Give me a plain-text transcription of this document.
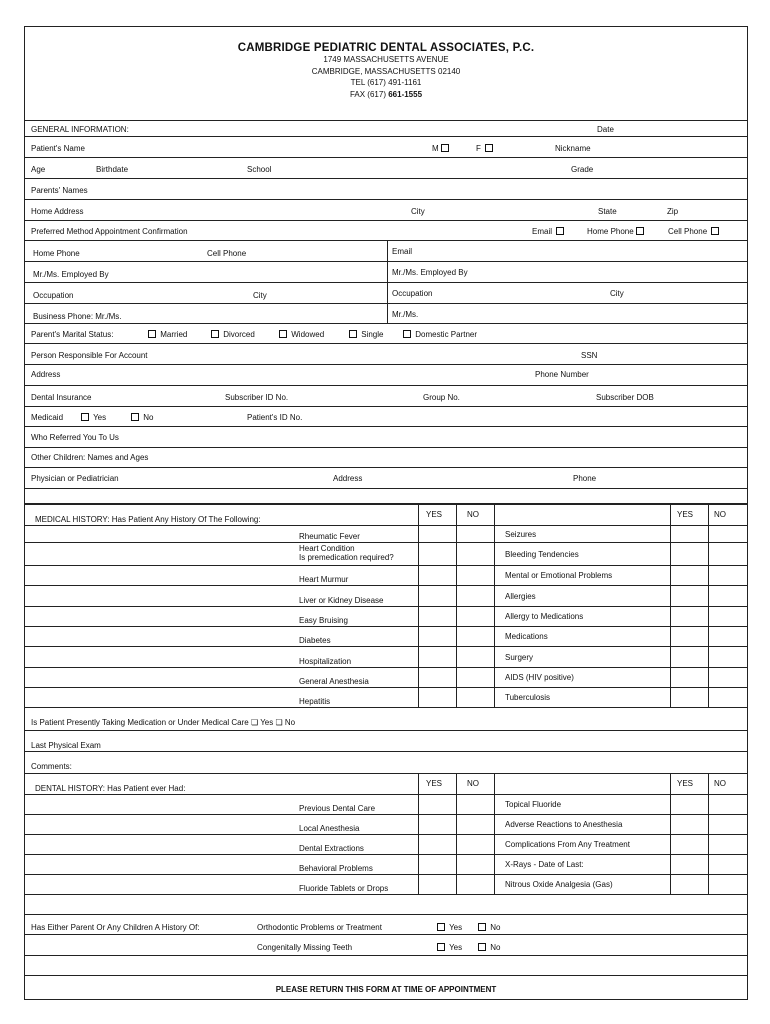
CAMBRIDGE PEDIATRIC DENTAL ASSOCIATES, P.C.
1749 MASSACHUSETTS AVENUE
CAMBRIDGE, MASSACHUSETTS 02140
TEL (617) 491-1161
FAX (617) 661-1555
GENERAL INFORMATION:	Date
Patient's Name	M	F	Nickname
Age	Birthdate	School	Grade
Parents' Names
Home Address	City	State	Zip
Preferred Method Appointment Confirmation	Email	Home Phone	Cell Phone
Home Phone	Cell Phone	Email
Mr./Ms. Employed By	Mr./Ms. Employed By
Occupation	City	Occupation	City
Business Phone: Mr./Ms.	Mr./Ms.
Parent's Marital Status:	Married	Divorced	Widowed	Single	Domestic Partner
Person Responsible For Account	SSN
Address	Phone Number
Dental Insurance	Subscriber ID No.	Group No.	Subscriber DOB
Medicaid	Yes	No	Patient's ID No.
Who Referred You To Us
Other Children: Names and Ages
Physician or Pediatrician	Address	Phone
MEDICAL HISTORY: Has Patient Any History Of The Following:
YES	NO	YES	NO
Rheumatic Fever	Seizures
Heart Condition
Is premedication required?	Bleeding Tendencies
Heart Murmur	Mental or Emotional Problems
Liver or Kidney Disease	Allergies
Easy Bruising	Allergy to Medications
Diabetes	Medications
Hospitalization	Surgery
General Anesthesia	AIDS (HIV positive)
Hepatitis	Tuberculosis
Is Patient Presently Taking Medication or Under Medical Care ❏ Yes ❏ No
Last Physical Exam
Comments:
DENTAL HISTORY: Has Patient ever Had:
YES	NO	YES	NO
Previous Dental Care	Topical Fluoride
Local Anesthesia	Adverse Reactions to Anesthesia
Dental Extractions	Complications From Any Treatment
Behavioral Problems	X-Rays - Date of Last:
Fluoride Tablets or Drops	Nitrous Oxide Analgesia (Gas)
Has Either Parent Or Any Children A History Of:	Orthodontic Problems or Treatment	Yes	No
Congenitally Missing Teeth	Yes	No
PLEASE RETURN THIS FORM AT TIME OF APPOINTMENT
